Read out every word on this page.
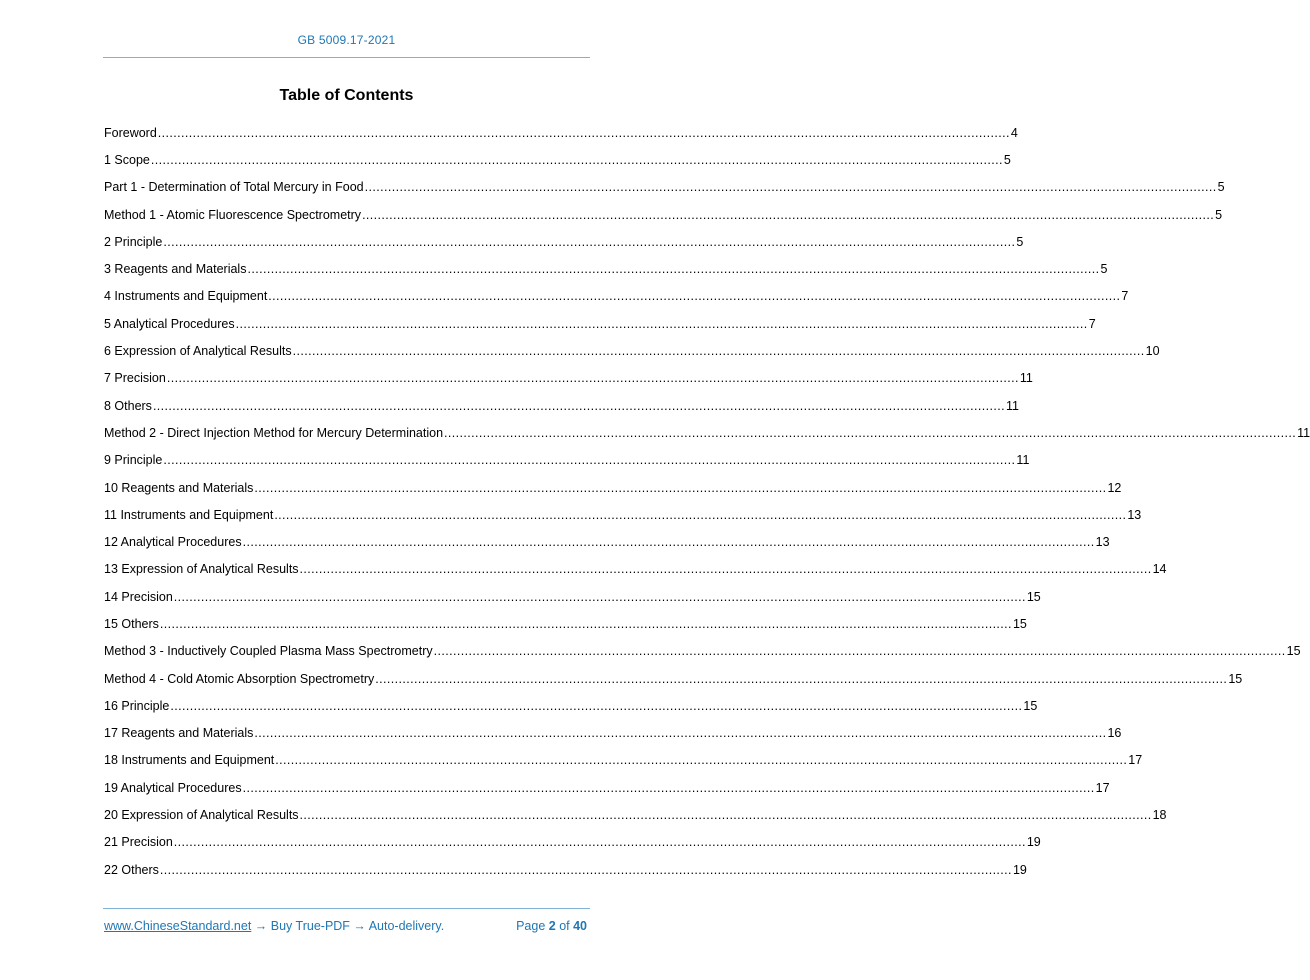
GB 5009.17-2021
Table of Contents
Foreword ............................................................................................................................................................................................................................ 4
1 Scope ............................................................................................................................................................................................................................ 5
Part 1 - Determination of Total Mercury in Food ............................................................................................................................................................................................................................ 5
Method 1 - Atomic Fluorescence Spectrometry ............................................................................................................................................................................................................................ 5
2 Principle ............................................................................................................................................................................................................................ 5
3 Reagents and Materials ............................................................................................................................................................................................................................ 5
4 Instruments and Equipment ............................................................................................................................................................................................................................ 7
5 Analytical Procedures ............................................................................................................................................................................................................................ 7
6 Expression of Analytical Results ............................................................................................................................................................................................................................ 10
7 Precision ............................................................................................................................................................................................................................ 11
8 Others ............................................................................................................................................................................................................................ 11
Method 2 - Direct Injection Method for Mercury Determination ............................................................................................................................................................................................................................ 11
9 Principle ............................................................................................................................................................................................................................ 11
10 Reagents and Materials ............................................................................................................................................................................................................................ 12
11 Instruments and Equipment ............................................................................................................................................................................................................................ 13
12 Analytical Procedures ............................................................................................................................................................................................................................ 13
13 Expression of Analytical Results ............................................................................................................................................................................................................................ 14
14 Precision ............................................................................................................................................................................................................................ 15
15 Others ............................................................................................................................................................................................................................ 15
Method 3 - Inductively Coupled Plasma Mass Spectrometry ............................................................................................................................................................................................................................ 15
Method 4 - Cold Atomic Absorption Spectrometry ............................................................................................................................................................................................................................ 15
16 Principle ............................................................................................................................................................................................................................ 15
17 Reagents and Materials ............................................................................................................................................................................................................................ 16
18 Instruments and Equipment ............................................................................................................................................................................................................................ 17
19 Analytical Procedures ............................................................................................................................................................................................................................ 17
20 Expression of Analytical Results ............................................................................................................................................................................................................................ 18
21 Precision ............................................................................................................................................................................................................................ 19
22 Others ............................................................................................................................................................................................................................ 19
www.ChineseStandard.net → Buy True-PDF → Auto-delivery.	Page 2 of 40
